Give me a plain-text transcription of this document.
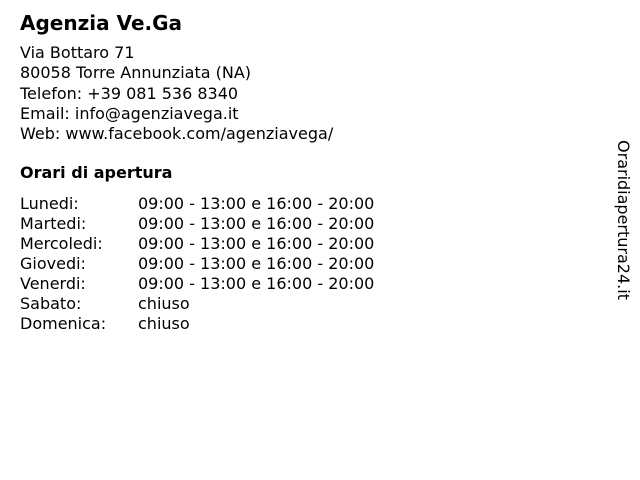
Agenzia Ve.Ga
Via Bottaro 71
80058 Torre Annunziata (NA)
Telefon: +39 081 536 8340
Email: info@agenziavega.it
Web: www.facebook.com/agenziavega/
Orari di apertura
Lunedi:	09:00 - 13:00 e 16:00 - 20:00
Martedi:	09:00 - 13:00 e 16:00 - 20:00
Mercoledi:	09:00 - 13:00 e 16:00 - 20:00
Giovedi:	09:00 - 13:00 e 16:00 - 20:00
Venerdi:	09:00 - 13:00 e 16:00 - 20:00
Sabato:	chiuso
Domenica:	chiuso
Oraridiapertura24.it
